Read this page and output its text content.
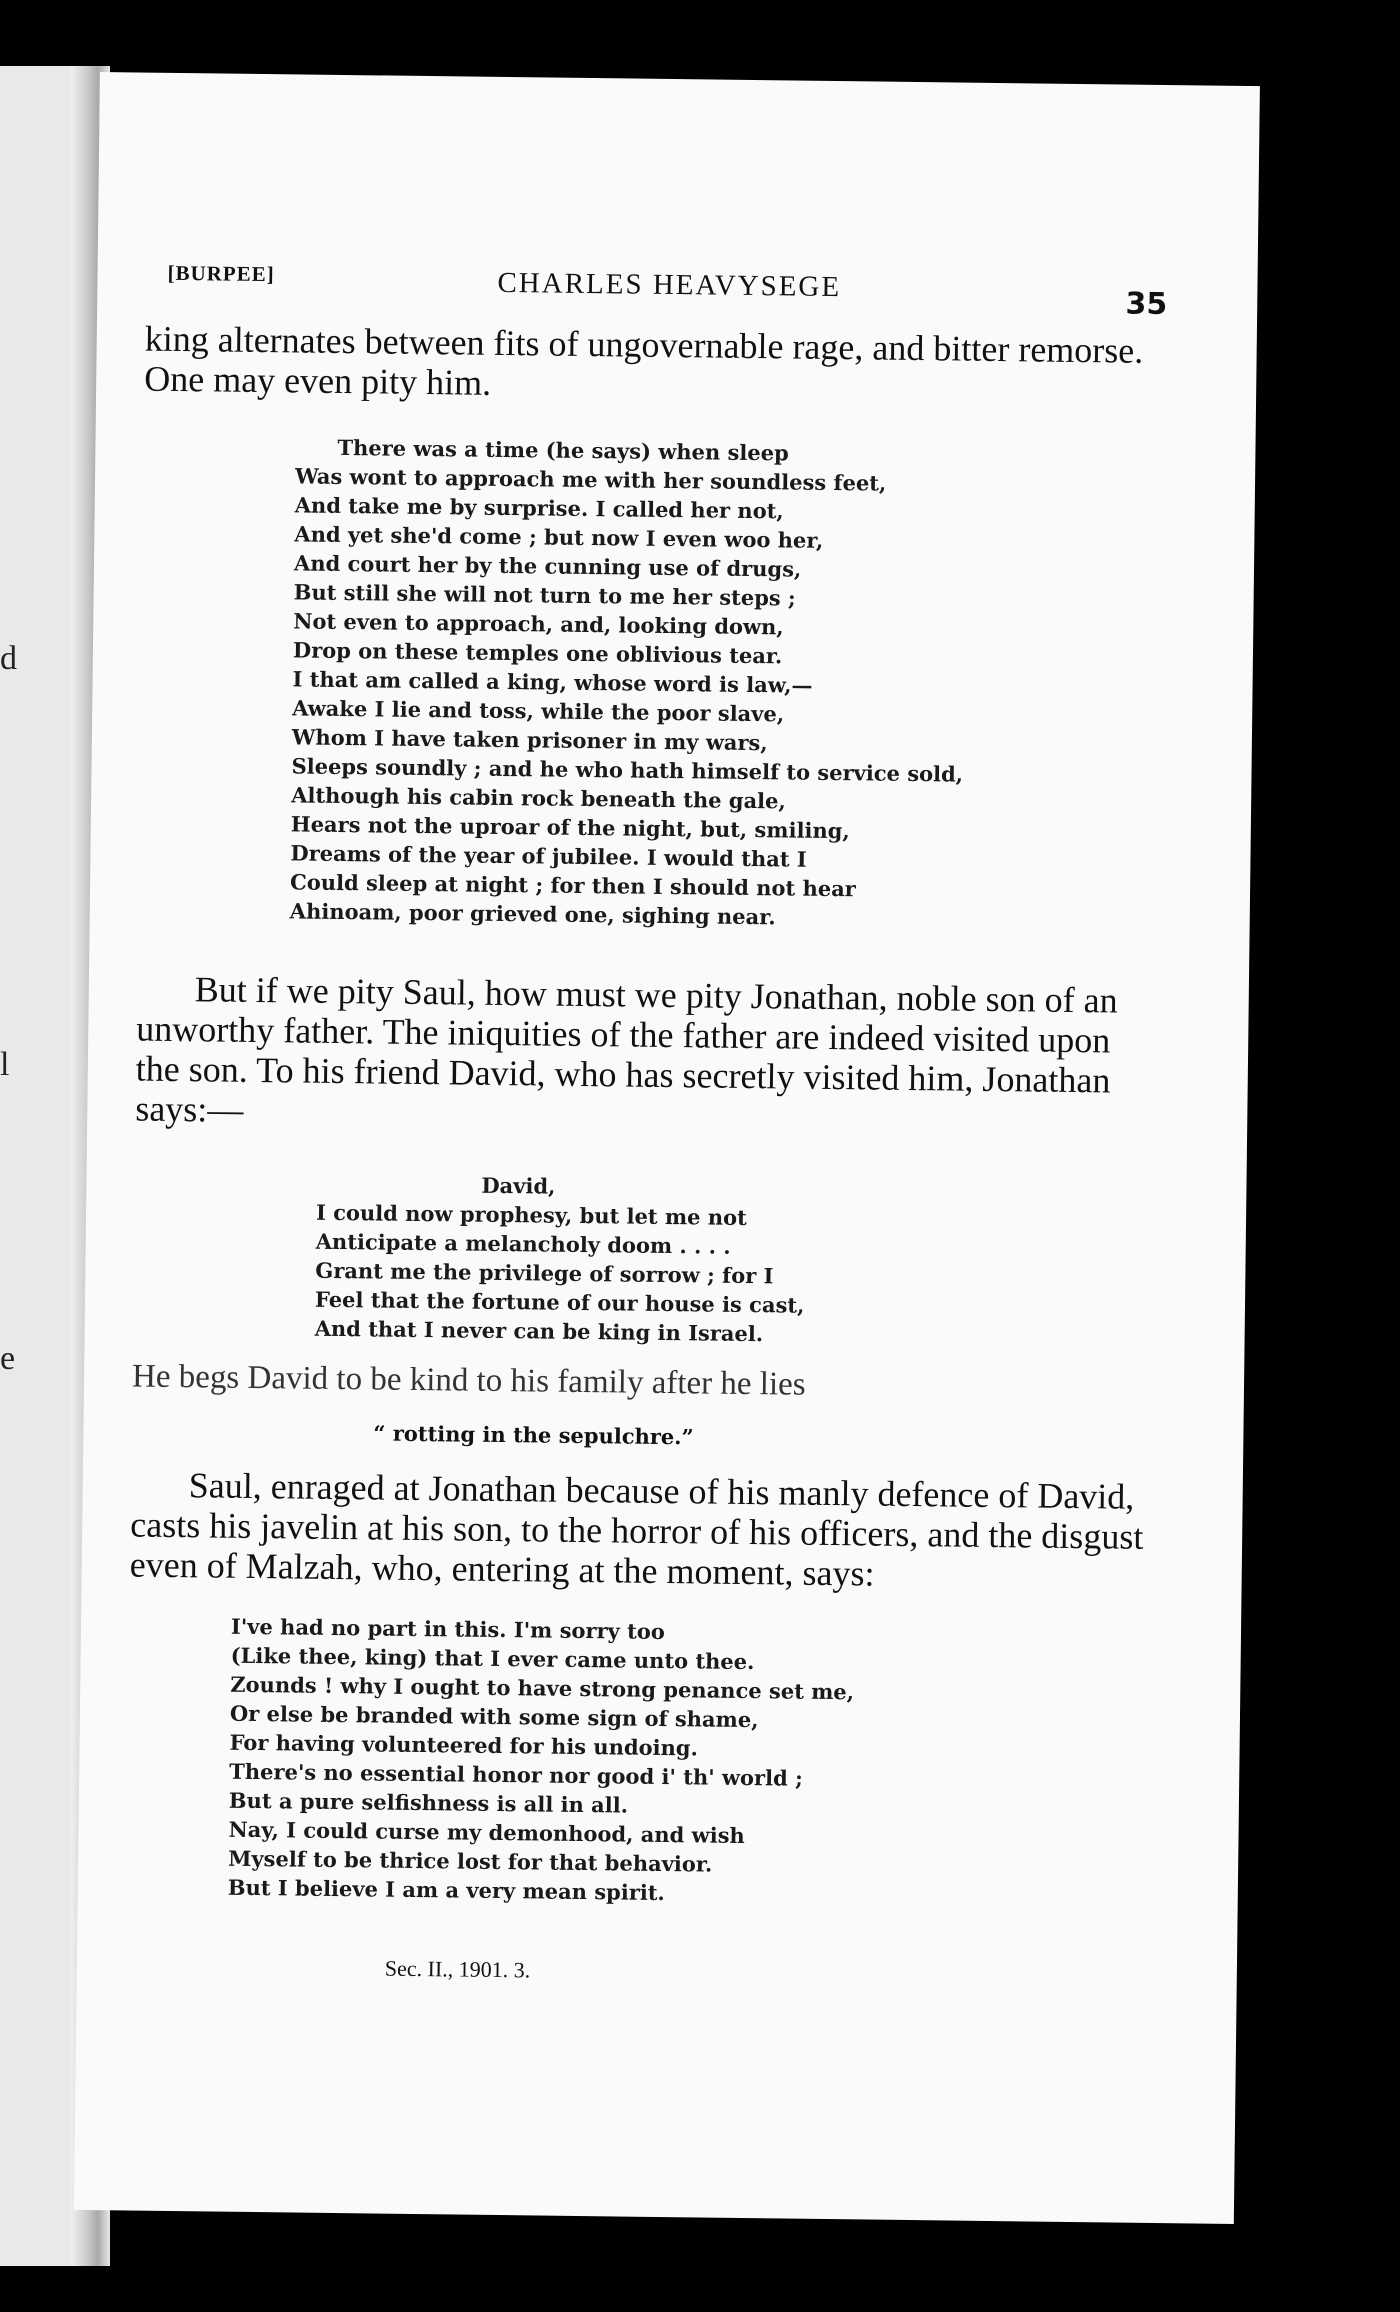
d
l
e
[BURPEE]	CHARLES HEAVYSEGE
35
king alternates between fits of ungovernable rage, and bitter remorse.
One may even pity him.
There was a time (he says) when sleep
Was wont to approach me with her soundless feet,
And take me by surprise. I called her not,
And yet she'd come ; but now I even woo her,
And court her by the cunning use of drugs,
But still she will not turn to me her steps ;
Not even to approach, and, looking down,
Drop on these temples one oblivious tear.
I that am called a king, whose word is law,—
Awake I lie and toss, while the poor slave,
Whom I have taken prisoner in my wars,
Sleeps soundly ; and he who hath himself to service sold,
Although his cabin rock beneath the gale,
Hears not the uproar of the night, but, smiling,
Dreams of the year of jubilee. I would that I
Could sleep at night ; for then I should not hear
Ahinoam, poor grieved one, sighing near.
But if we pity Saul, how must we pity Jonathan, noble son of an
unworthy father. The iniquities of the father are indeed visited upon
the son. To his friend David, who has secretly visited him, Jonathan
says:—
David,
I could now prophesy, but let me not
Anticipate a melancholy doom . . . .
Grant me the privilege of sorrow ; for I
Feel that the fortune of our house is cast,
And that I never can be king in Israel.
He begs David to be kind to his family after he lies
“ rotting in the sepulchre.”
Saul, enraged at Jonathan because of his manly defence of David,
casts his javelin at his son, to the horror of his officers, and the disgust
even of Malzah, who, entering at the moment, says:
I've had no part in this. I'm sorry too
(Like thee, king) that I ever came unto thee.
Zounds ! why I ought to have strong penance set me,
Or else be branded with some sign of shame,
For having volunteered for his undoing.
There's no essential honor nor good i' th' world ;
But a pure selfishness is all in all.
Nay, I could curse my demonhood, and wish
Myself to be thrice lost for that behavior.
But I believe I am a very mean spirit.
Sec. II., 1901. 3.
